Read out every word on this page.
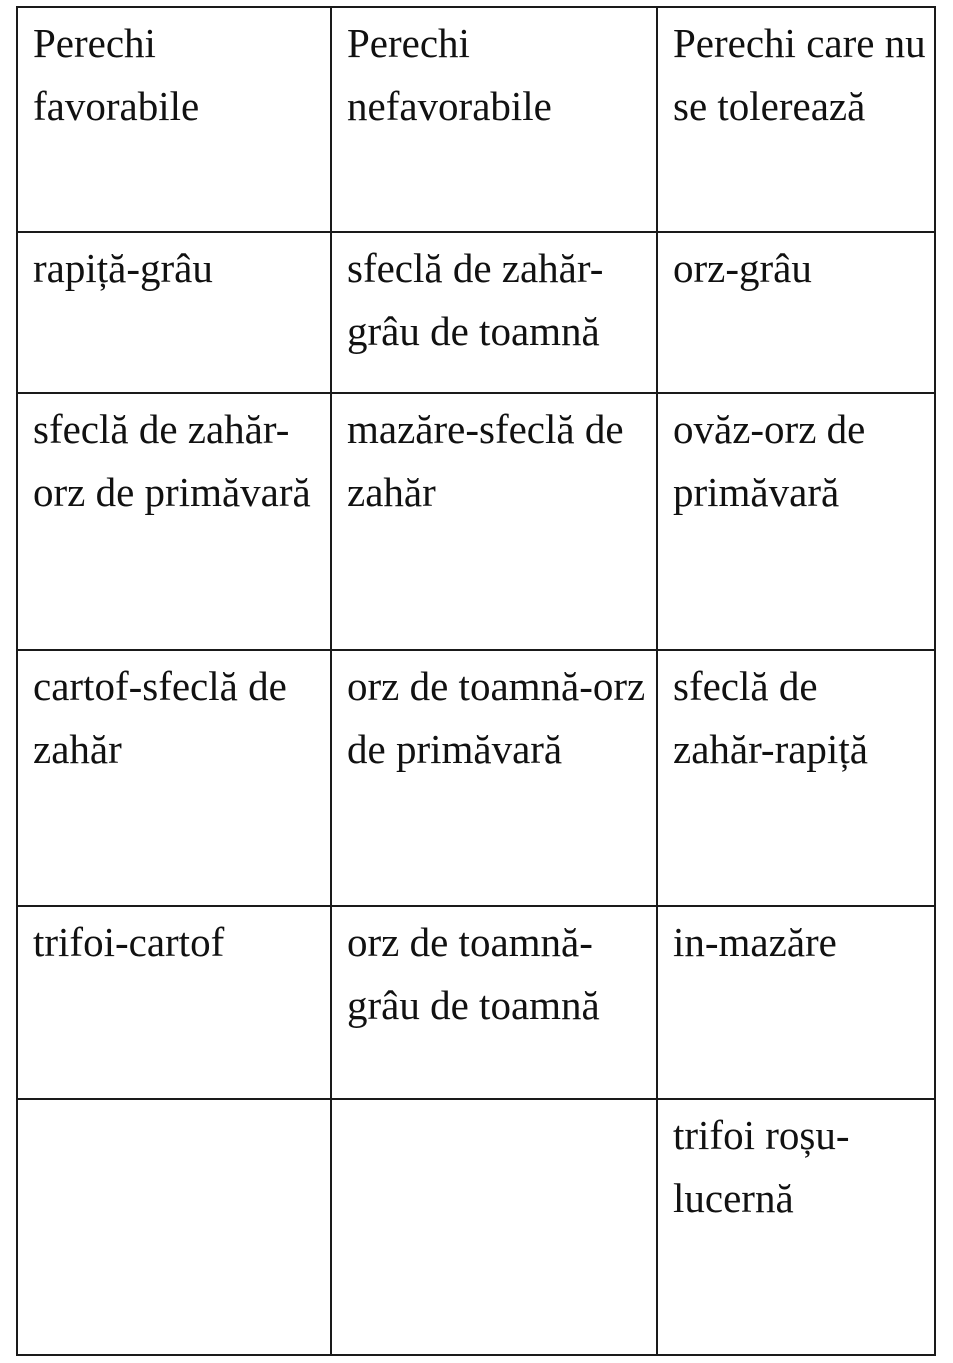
Perechi favorabile	Perechi nefavorabile	Perechi care nu se tolerează
rapiță-grâu	sfeclă de zahăr-grâu de toamnă	orz-grâu
sfeclă de zahăr-orz de primăvară	mazăre-sfeclă de zahăr	ovăz-orz de primăvară
cartof-sfeclă de zahăr	orz de toamnă-orz de primăvară	sfeclă de zahăr-rapiță
trifoi-cartof	orz de toamnă-grâu de toamnă	in-mazăre
		trifoi roșu-lucernă
